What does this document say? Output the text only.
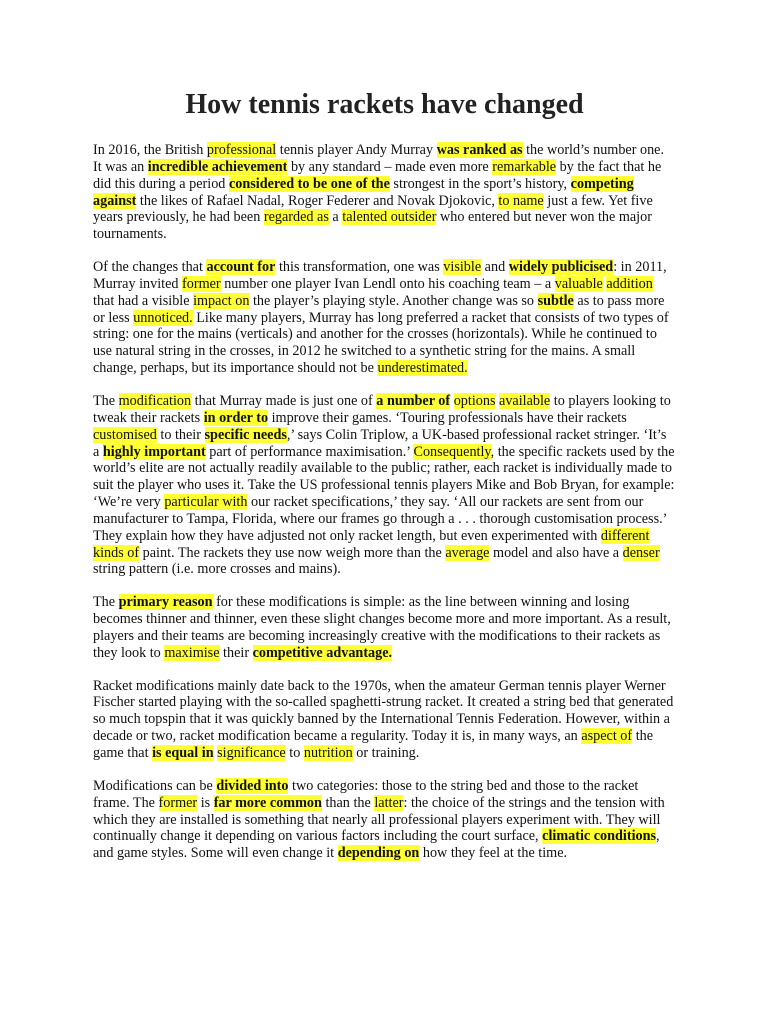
How tennis rackets have changed

In 2016, the British professional tennis player Andy Murray was ranked as the world’s number one. It was an incredible achievement by any standard – made even more remarkable by the fact that he did this during a period considered to be one of the strongest in the sport’s history, competing against the likes of Rafael Nadal, Roger Federer and Novak Djokovic, to name just a few. Yet five years previously, he had been regarded as a talented outsider who entered but never won the major tournaments.

Of the changes that account for this transformation, one was visible and widely publicised: in 2011, Murray invited former number one player Ivan Lendl onto his coaching team – a valuable addition that had a visible impact on the player’s playing style. Another change was so subtle as to pass more or less unnoticed. Like many players, Murray has long preferred a racket that consists of two types of string: one for the mains (verticals) and another for the crosses (horizontals). While he continued to use natural string in the crosses, in 2012 he switched to a synthetic string for the mains. A small change, perhaps, but its importance should not be underestimated.

The modification that Murray made is just one of a number of options available to players looking to tweak their rackets in order to improve their games. ‘Touring professionals have their rackets customised to their specific needs,’ says Colin Triplow, a UK-based professional racket stringer. ‘It’s a highly important part of performance maximisation.’ Consequently, the specific rackets used by the world’s elite are not actually readily available to the public; rather, each racket is individually made to suit the player who uses it. Take the US professional tennis players Mike and Bob Bryan, for example: ‘We’re very particular with our racket specifications,’ they say. ‘All our rackets are sent from our manufacturer to Tampa, Florida, where our frames go through a . . . thorough customisation process.’ They explain how they have adjusted not only racket length, but even experimented with different kinds of paint. The rackets they use now weigh more than the average model and also have a denser string pattern (i.e. more crosses and mains).

The primary reason for these modifications is simple: as the line between winning and losing becomes thinner and thinner, even these slight changes become more and more important. As a result, players and their teams are becoming increasingly creative with the modifications to their rackets as they look to maximise their competitive advantage.

Racket modifications mainly date back to the 1970s, when the amateur German tennis player Werner Fischer started playing with the so-called spaghetti-strung racket. It created a string bed that generated so much topspin that it was quickly banned by the International Tennis Federation. However, within a decade or two, racket modification became a regularity. Today it is, in many ways, an aspect of the game that is equal in significance to nutrition or training.

Modifications can be divided into two categories: those to the string bed and those to the racket frame. The former is far more common than the latter: the choice of the strings and the tension with which they are installed is something that nearly all professional players experiment with. They will continually change it depending on various factors including the court surface, climatic conditions, and game styles. Some will even change it depending on how they feel at the time.
